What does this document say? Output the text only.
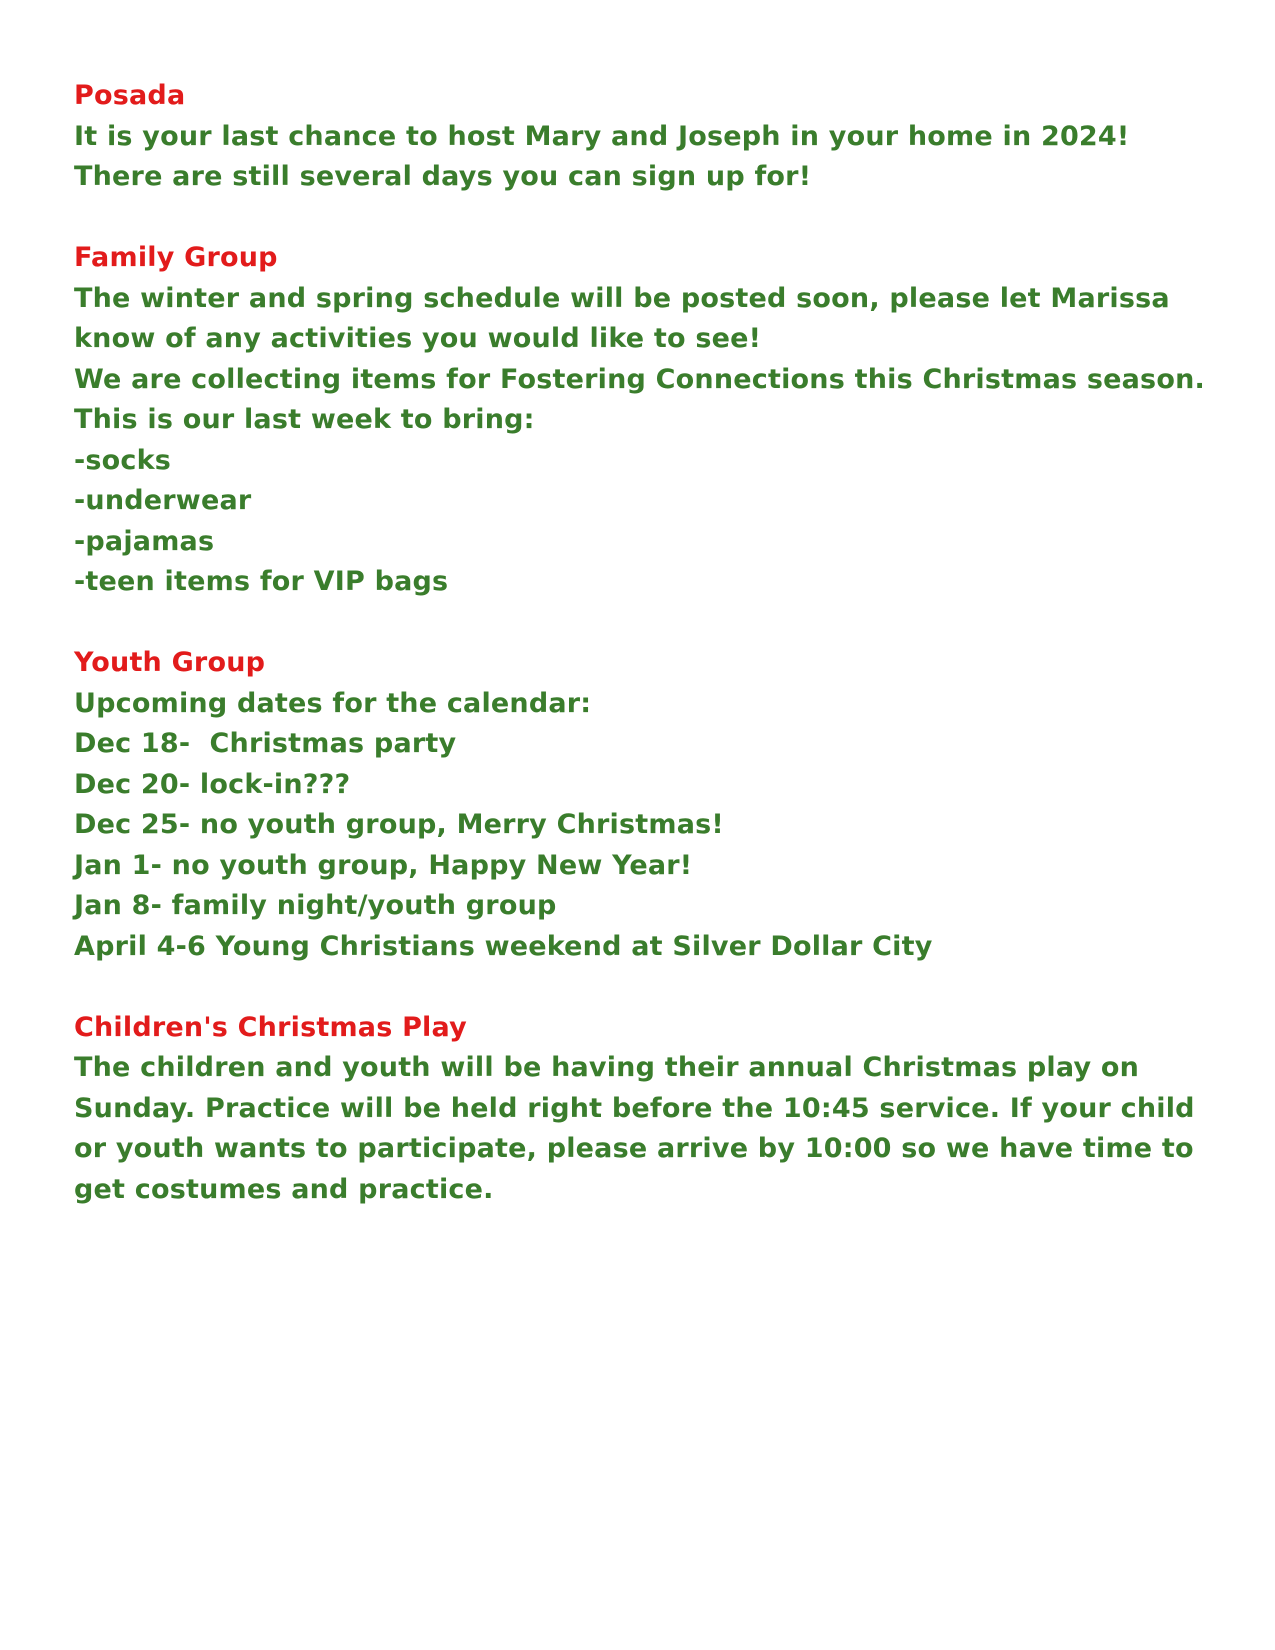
Posada

It is your last chance to host Mary and Joseph in your home in 2024! There are still several days you can sign up for!

Family Group

The winter and spring schedule will be posted soon, please let Marissa know of any activities you would like to see!

We are collecting items for Fostering Connections this Christmas season. This is our last week to bring:

-socks

-underwear

-pajamas

-teen items for VIP bags

Youth Group

Upcoming dates for the calendar:

Dec 18-  Christmas party

Dec 20- lock-in???

Dec 25- no youth group, Merry Christmas!

Jan 1- no youth group, Happy New Year!

Jan 8- family night/youth group

April 4-6 Young Christians weekend at Silver Dollar City

Children's Christmas Play

The children and youth will be having their annual Christmas play on Sunday. Practice will be held right before the 10:45 service. If your child or youth wants to participate, please arrive by 10:00 so we have time to get costumes and practice.
